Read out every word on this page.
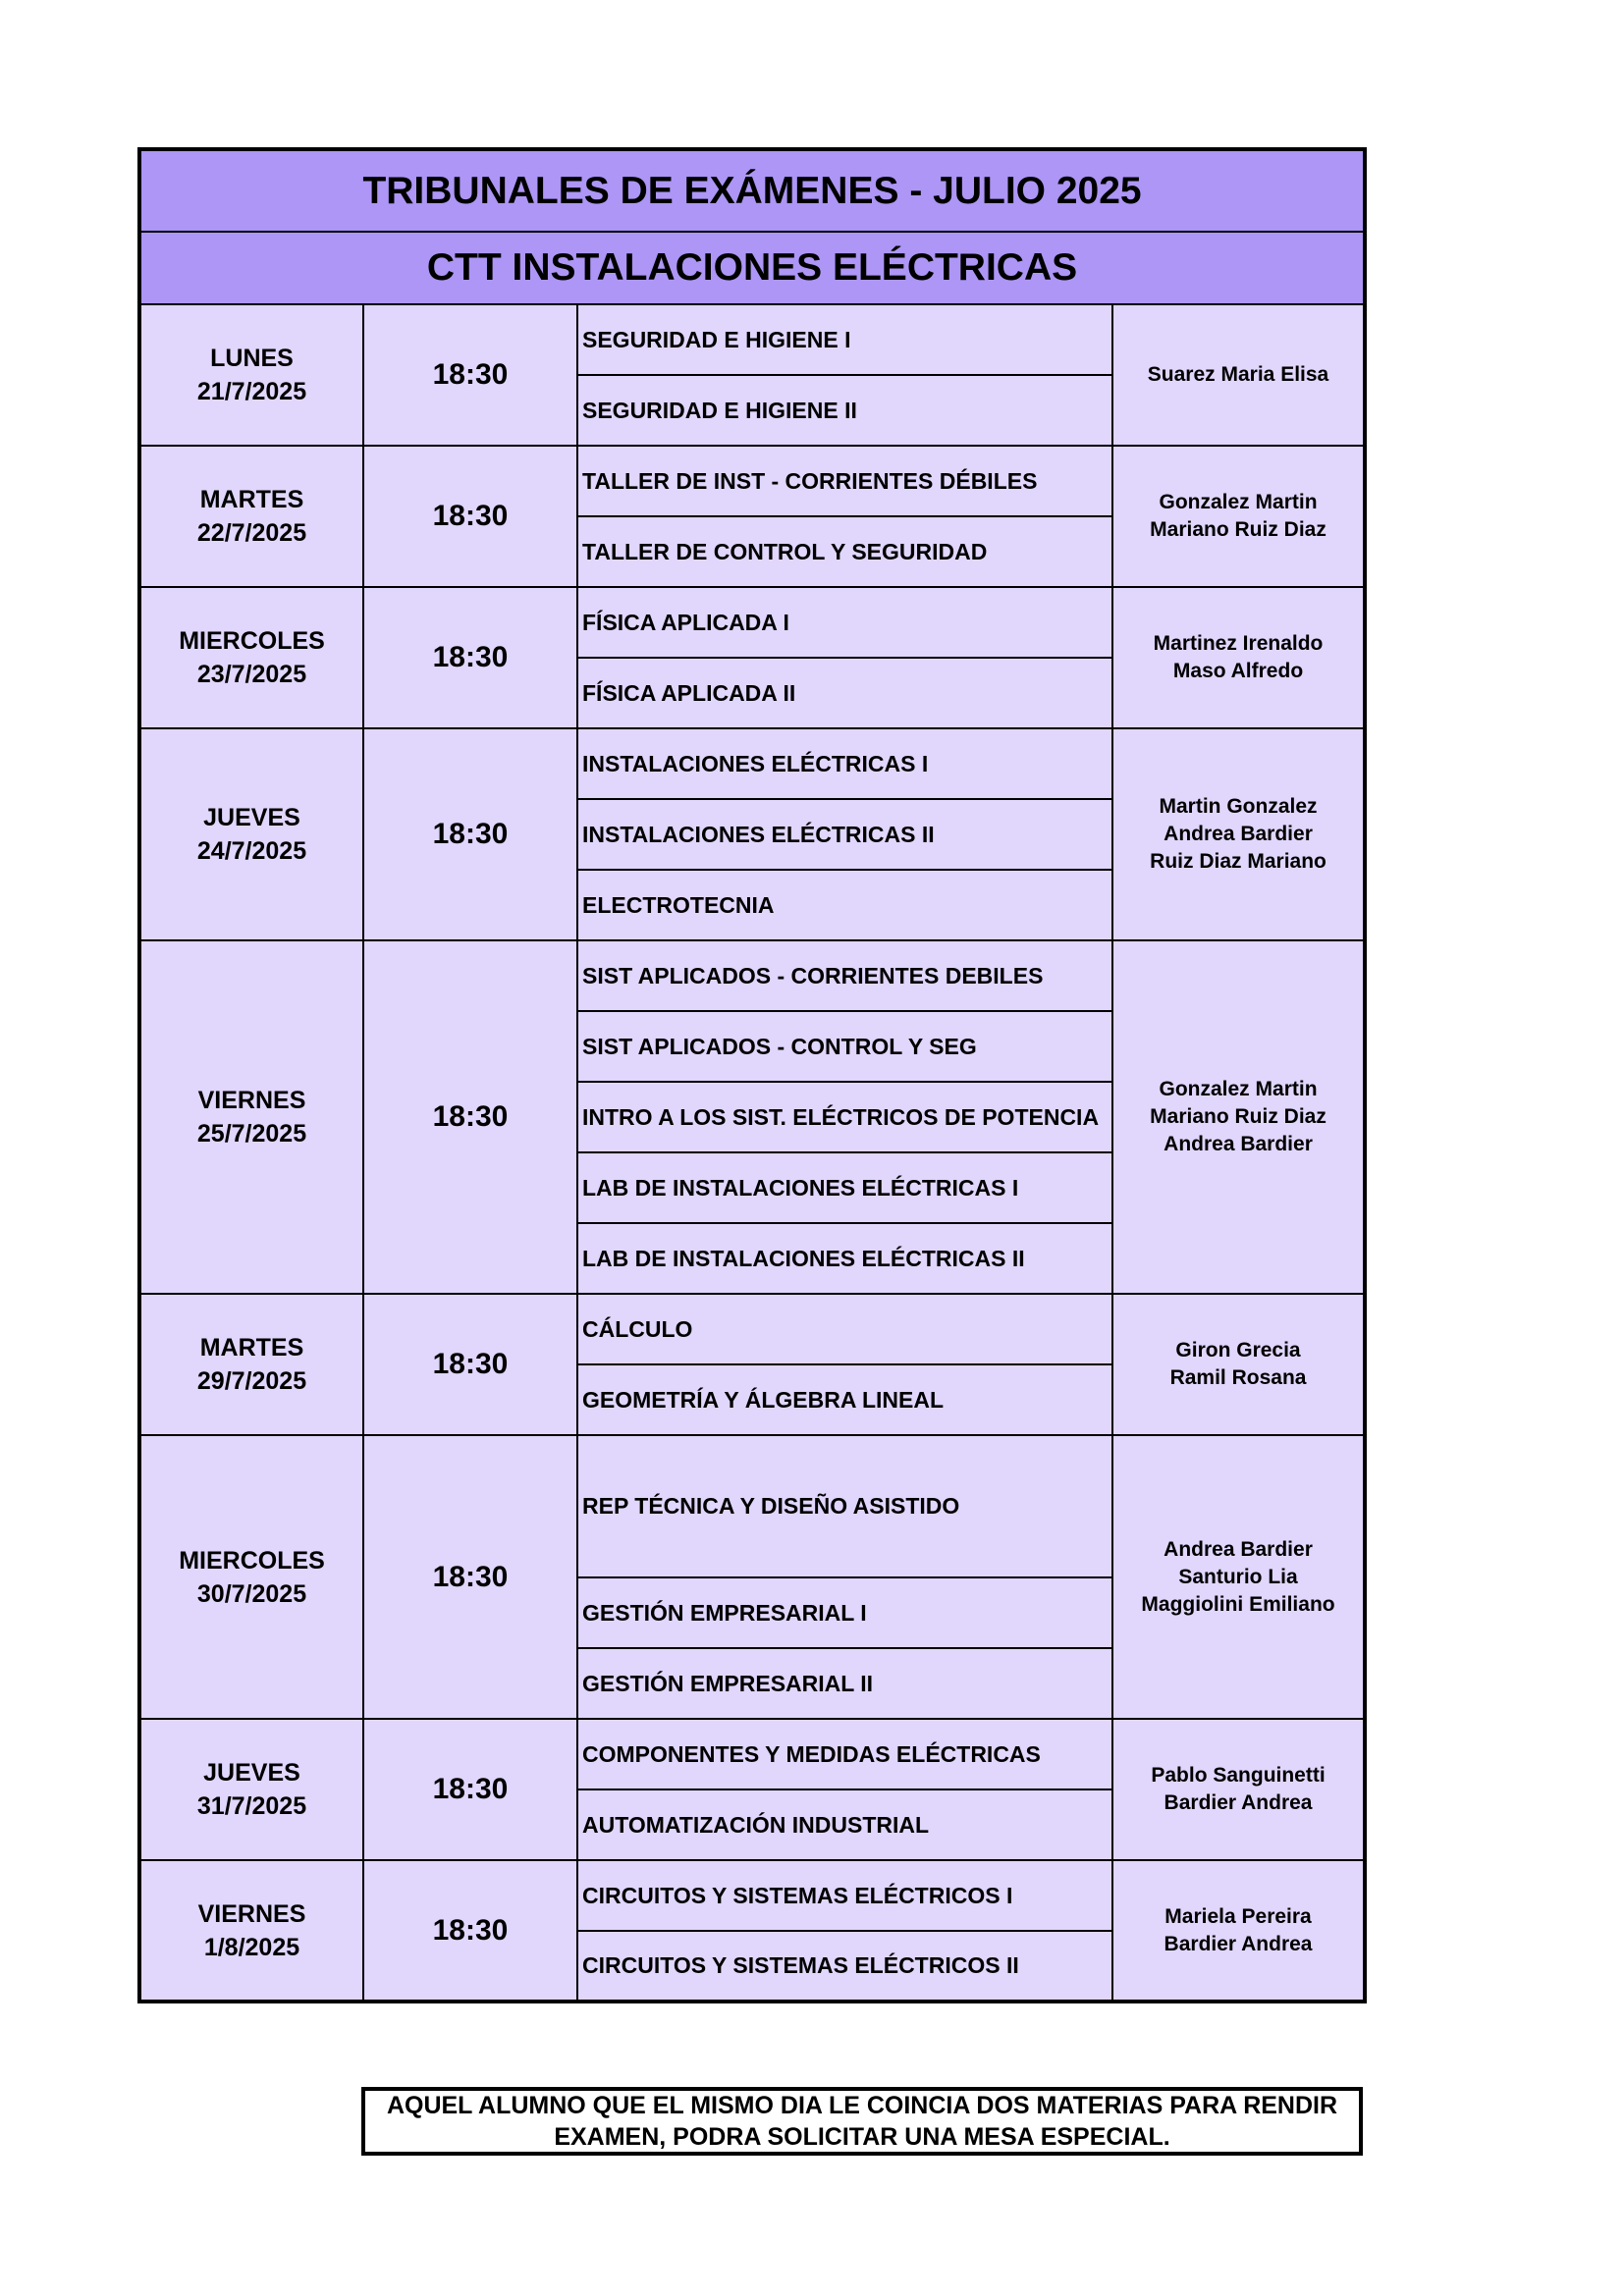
TRIBUNALES DE EXÁMENES - JULIO 2025			
CTT INSTALACIONES ELÉCTRICAS			

LUNES
21/7/2025	18:30	SEGURIDAD E HIGIENE I	Suarez Maria Elisa

		SEGURIDAD E HIGIENE II	

MARTES
22/7/2025	18:30	TALLER DE INST - CORRIENTES DÉBILES	Gonzalez Martin
Mariano Ruiz Diaz

		TALLER DE CONTROL Y SEGURIDAD	

MIERCOLES
23/7/2025	18:30	FÍSICA APLICADA I	Martinez Irenaldo
Maso Alfredo

		FÍSICA APLICADA II	

JUEVES
24/7/2025	18:30	INSTALACIONES ELÉCTRICAS I	Martin Gonzalez
Andrea Bardier
Ruiz Diaz Mariano

		INSTALACIONES ELÉCTRICAS II	
		ELECTROTECNIA	

VIERNES
25/7/2025	18:30	SIST APLICADOS - CORRIENTES DEBILES	Gonzalez Martin
Mariano Ruiz Diaz
Andrea Bardier

		SIST APLICADOS - CONTROL Y SEG	
		INTRO A LOS SIST. ELÉCTRICOS DE POTENCIA	
		LAB DE INSTALACIONES ELÉCTRICAS I	
		LAB DE INSTALACIONES ELÉCTRICAS II	

MARTES
29/7/2025	18:30	CÁLCULO	Giron Grecia
Ramil Rosana

		GEOMETRÍA Y ÁLGEBRA LINEAL	

MIERCOLES
30/7/2025	18:30	REP TÉCNICA Y DISEÑO ASISTIDO	Andrea Bardier
Santurio Lia
Maggiolini Emiliano

		GESTIÓN EMPRESARIAL I	
		GESTIÓN EMPRESARIAL II	

JUEVES
31/7/2025	18:30	COMPONENTES Y MEDIDAS ELÉCTRICAS	Pablo Sanguinetti
Bardier Andrea

		AUTOMATIZACIÓN INDUSTRIAL	

VIERNES
1/8/2025	18:30	CIRCUITOS Y SISTEMAS ELÉCTRICOS I	Mariela Pereira
Bardier Andrea

		CIRCUITOS Y SISTEMAS ELÉCTRICOS II	
AQUEL ALUMNO QUE EL MISMO DIA LE COINCIA DOS MATERIAS PARA RENDIR
EXAMEN, PODRA SOLICITAR UNA MESA ESPECIAL.
